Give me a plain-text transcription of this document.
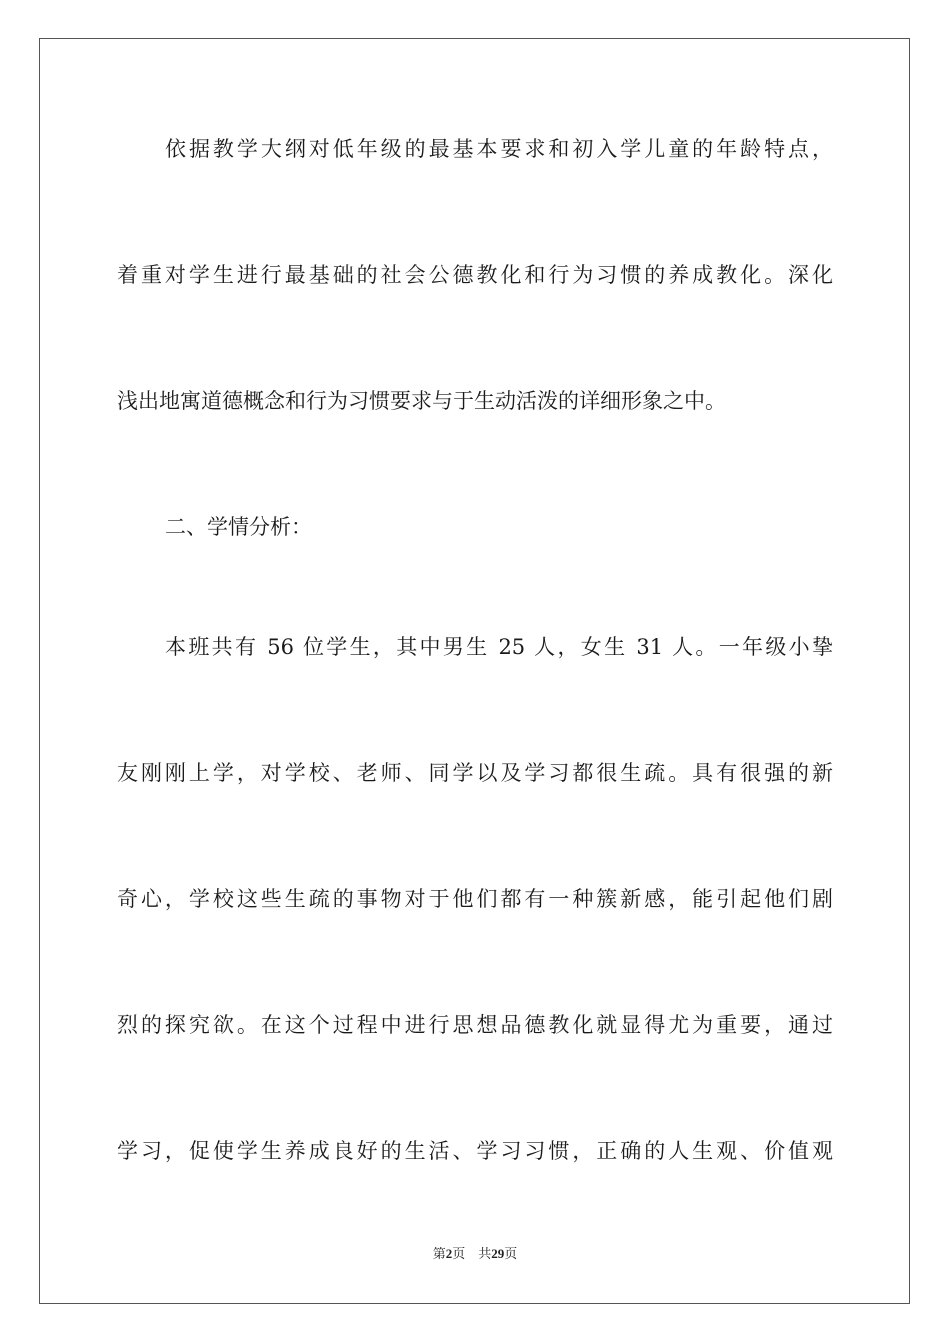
依据教学大纲对低年级的最基本要求和初入学儿童的年龄特点，
着重对学生进行最基础的社会公德教化和行为习惯的养成教化。深化
浅出地寓道德概念和行为习惯要求与于生动活泼的详细形象之中。
二、学情分析：
本班共有 56 位学生，其中男生 25 人，女生 31 人。一年级小挚
友刚刚上学，对学校、老师、同学以及学习都很生疏。具有很强的新
奇心，学校这些生疏的事物对于他们都有一种簇新感，能引起他们剧
烈的探究欲。在这个过程中进行思想品德教化就显得尤为重要，通过
学习，促使学生养成良好的生活、学习习惯，正确的人生观、价值观
第2页 共29页
